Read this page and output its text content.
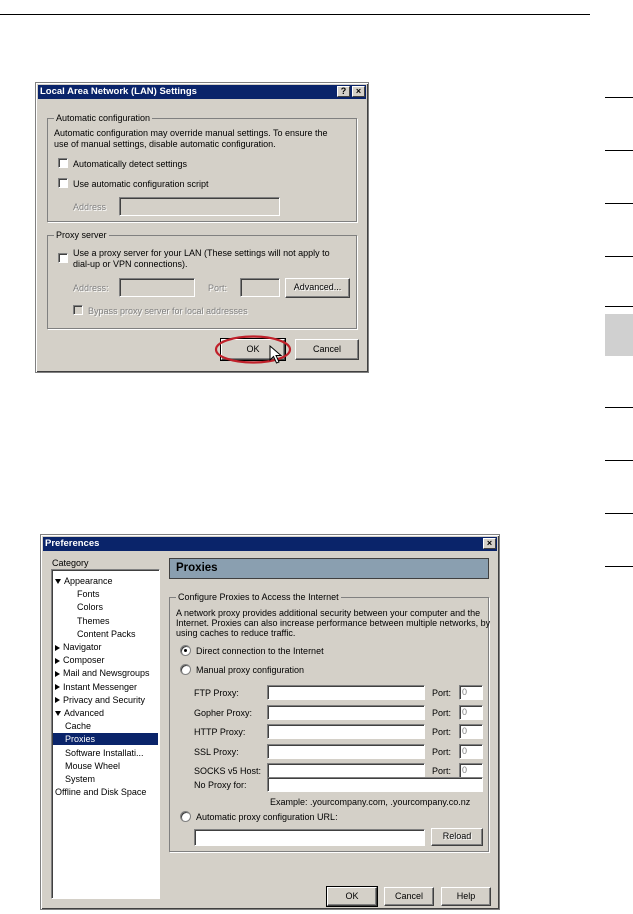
Local Area Network (LAN) Settings	?	×
Automatic configuration
Automatic configuration may override manual settings. To ensure the
use of manual settings, disable automatic configuration.
Automatically detect settings
Use automatic configuration script
Address
Proxy server
Use a proxy server for your LAN (These settings will not apply to
dial-up or VPN connections).
Address:	Port:	Advanced...
Bypass proxy server for local addresses
OK	Cancel
Preferences	×
Category
Appearance
Fonts
Colors
Themes
Content Packs
Navigator
Composer
Mail and Newsgroups
Instant Messenger
Privacy and Security
Advanced
Cache
Proxies
Software Installati...
Mouse Wheel
System
Offline and Disk Space
Proxies
Configure Proxies to Access the Internet
A network proxy provides additional security between your computer and the
Internet. Proxies can also increase performance between multiple networks, by
using caches to reduce traffic.
Direct connection to the Internet
Manual proxy configuration
FTP Proxy:	Port:	0
Gopher Proxy:	Port:	0
HTTP Proxy:	Port:	0
SSL Proxy:	Port:	0
SOCKS v5 Host:	Port:	0
No Proxy for:
Example: .yourcompany.com, .yourcompany.co.nz
Automatic proxy configuration URL:
Reload
OK	Cancel	Help
